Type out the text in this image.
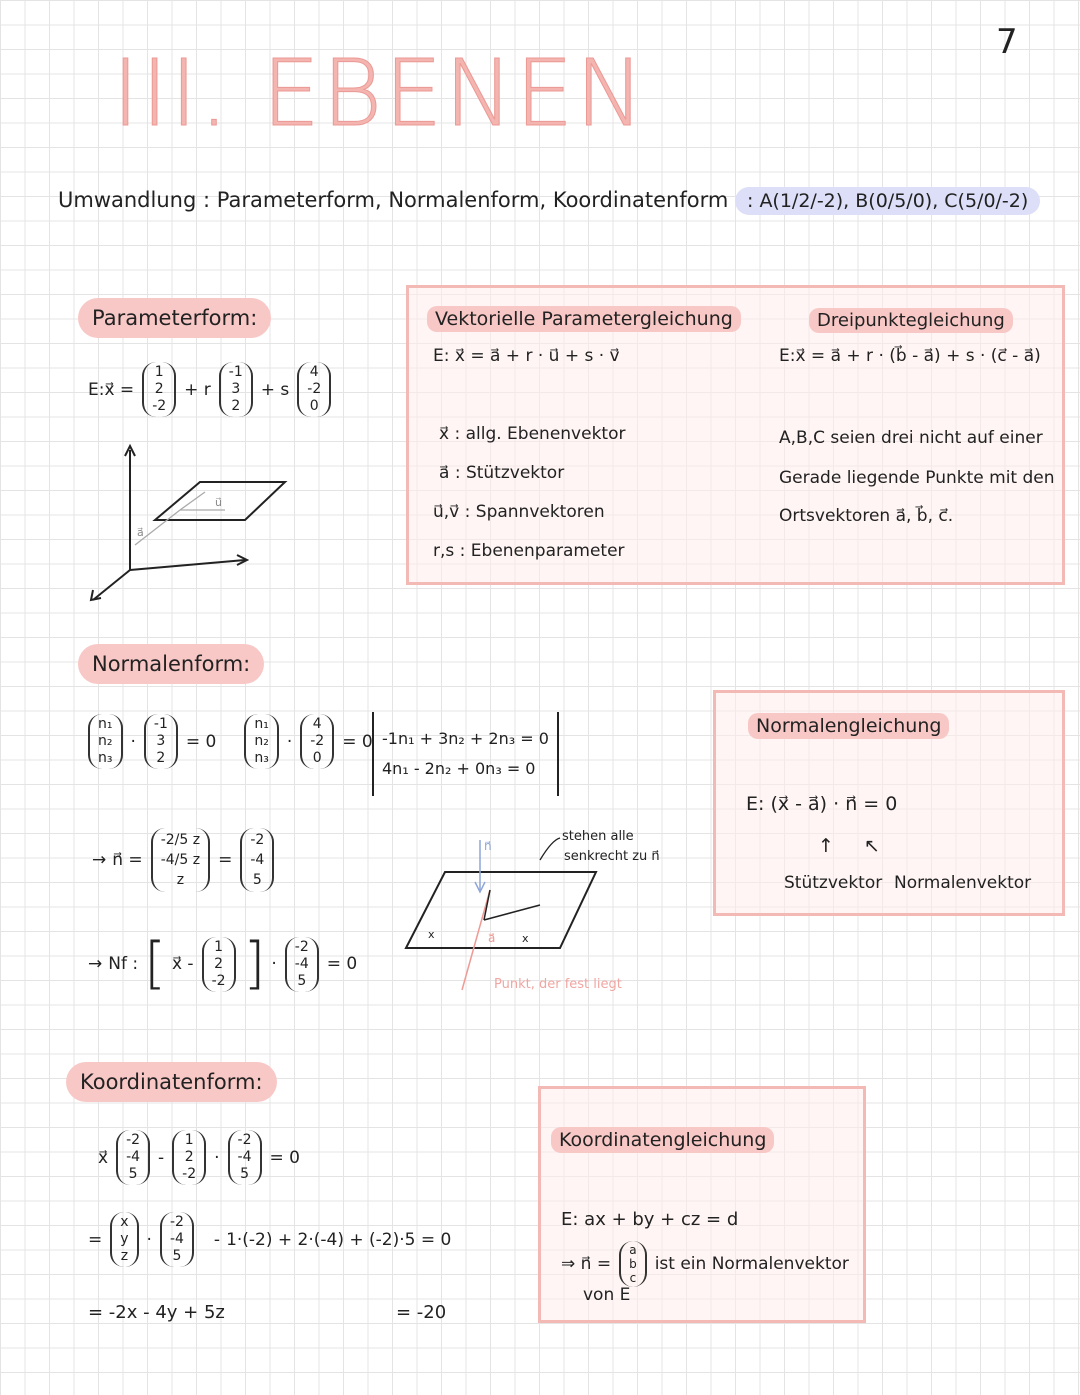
7
III. EBENEN
Umwandlung : Parameterform, Normalenform, Koordinatenform : A(1/2/-2), B(0/5/0), C(5/0/-2)
Parameterform:
E:x⃗ =
1
2
-2
+ r
-1
3
2
+ s
4
-2
0
a⃗
u⃗
Vektorielle Parametergleichung
E: x⃗ = a⃗ + r · u⃗ + s · v⃗
x⃗ : allg. Ebenenvektor
a⃗ : Stützvektor
u⃗,v⃗ : Spannvektoren
r,s : Ebenenparameter
Dreipunktegleichung
E:x⃗ = a⃗ + r · (b⃗ - a⃗) + s · (c⃗ - a⃗)
A,B,C seien drei nicht auf einer
Gerade liegende Punkte mit den
Ortsvektoren a⃗, b⃗, c⃗.
Normalenform:
n₁
n₂
n₃
·
-1
3
2
= 0
n₁
n₂
n₃
·
4
-2
0
= 0 -1n₁ + 3n₂ + 2n₃ = 0
4n₁ - 2n₂ + 0n₃ = 0
→ n⃗ =
-2/5 z
-4/5 z
z
=
-2
-4
5
→ Nf : [ x⃗ -
1
2
-2 ] ·
-2
-4
5
= 0
n⃗
a⃗
x	x
stehen alle
senkrecht zu n⃗
Punkt, der fest liegt
Normalengleichung
E: (x⃗ - a⃗) · n⃗ = 0
↑ ↖
Stützvektor Normalenvektor
Koordinatenform:
x⃗
-2
-4
5
-
1
2
-2
·
-2
-4
5
= 0
=
x
y
z
·
-2
-4
5
- 1·(-2) + 2·(-4) + (-2)·5 = 0
= -2x - 4y + 5z	= -20
Koordinatengleichung
E: ax + by + cz = d
⇒ n⃗ =
a
b
c
ist ein Normalenvektor
von E
